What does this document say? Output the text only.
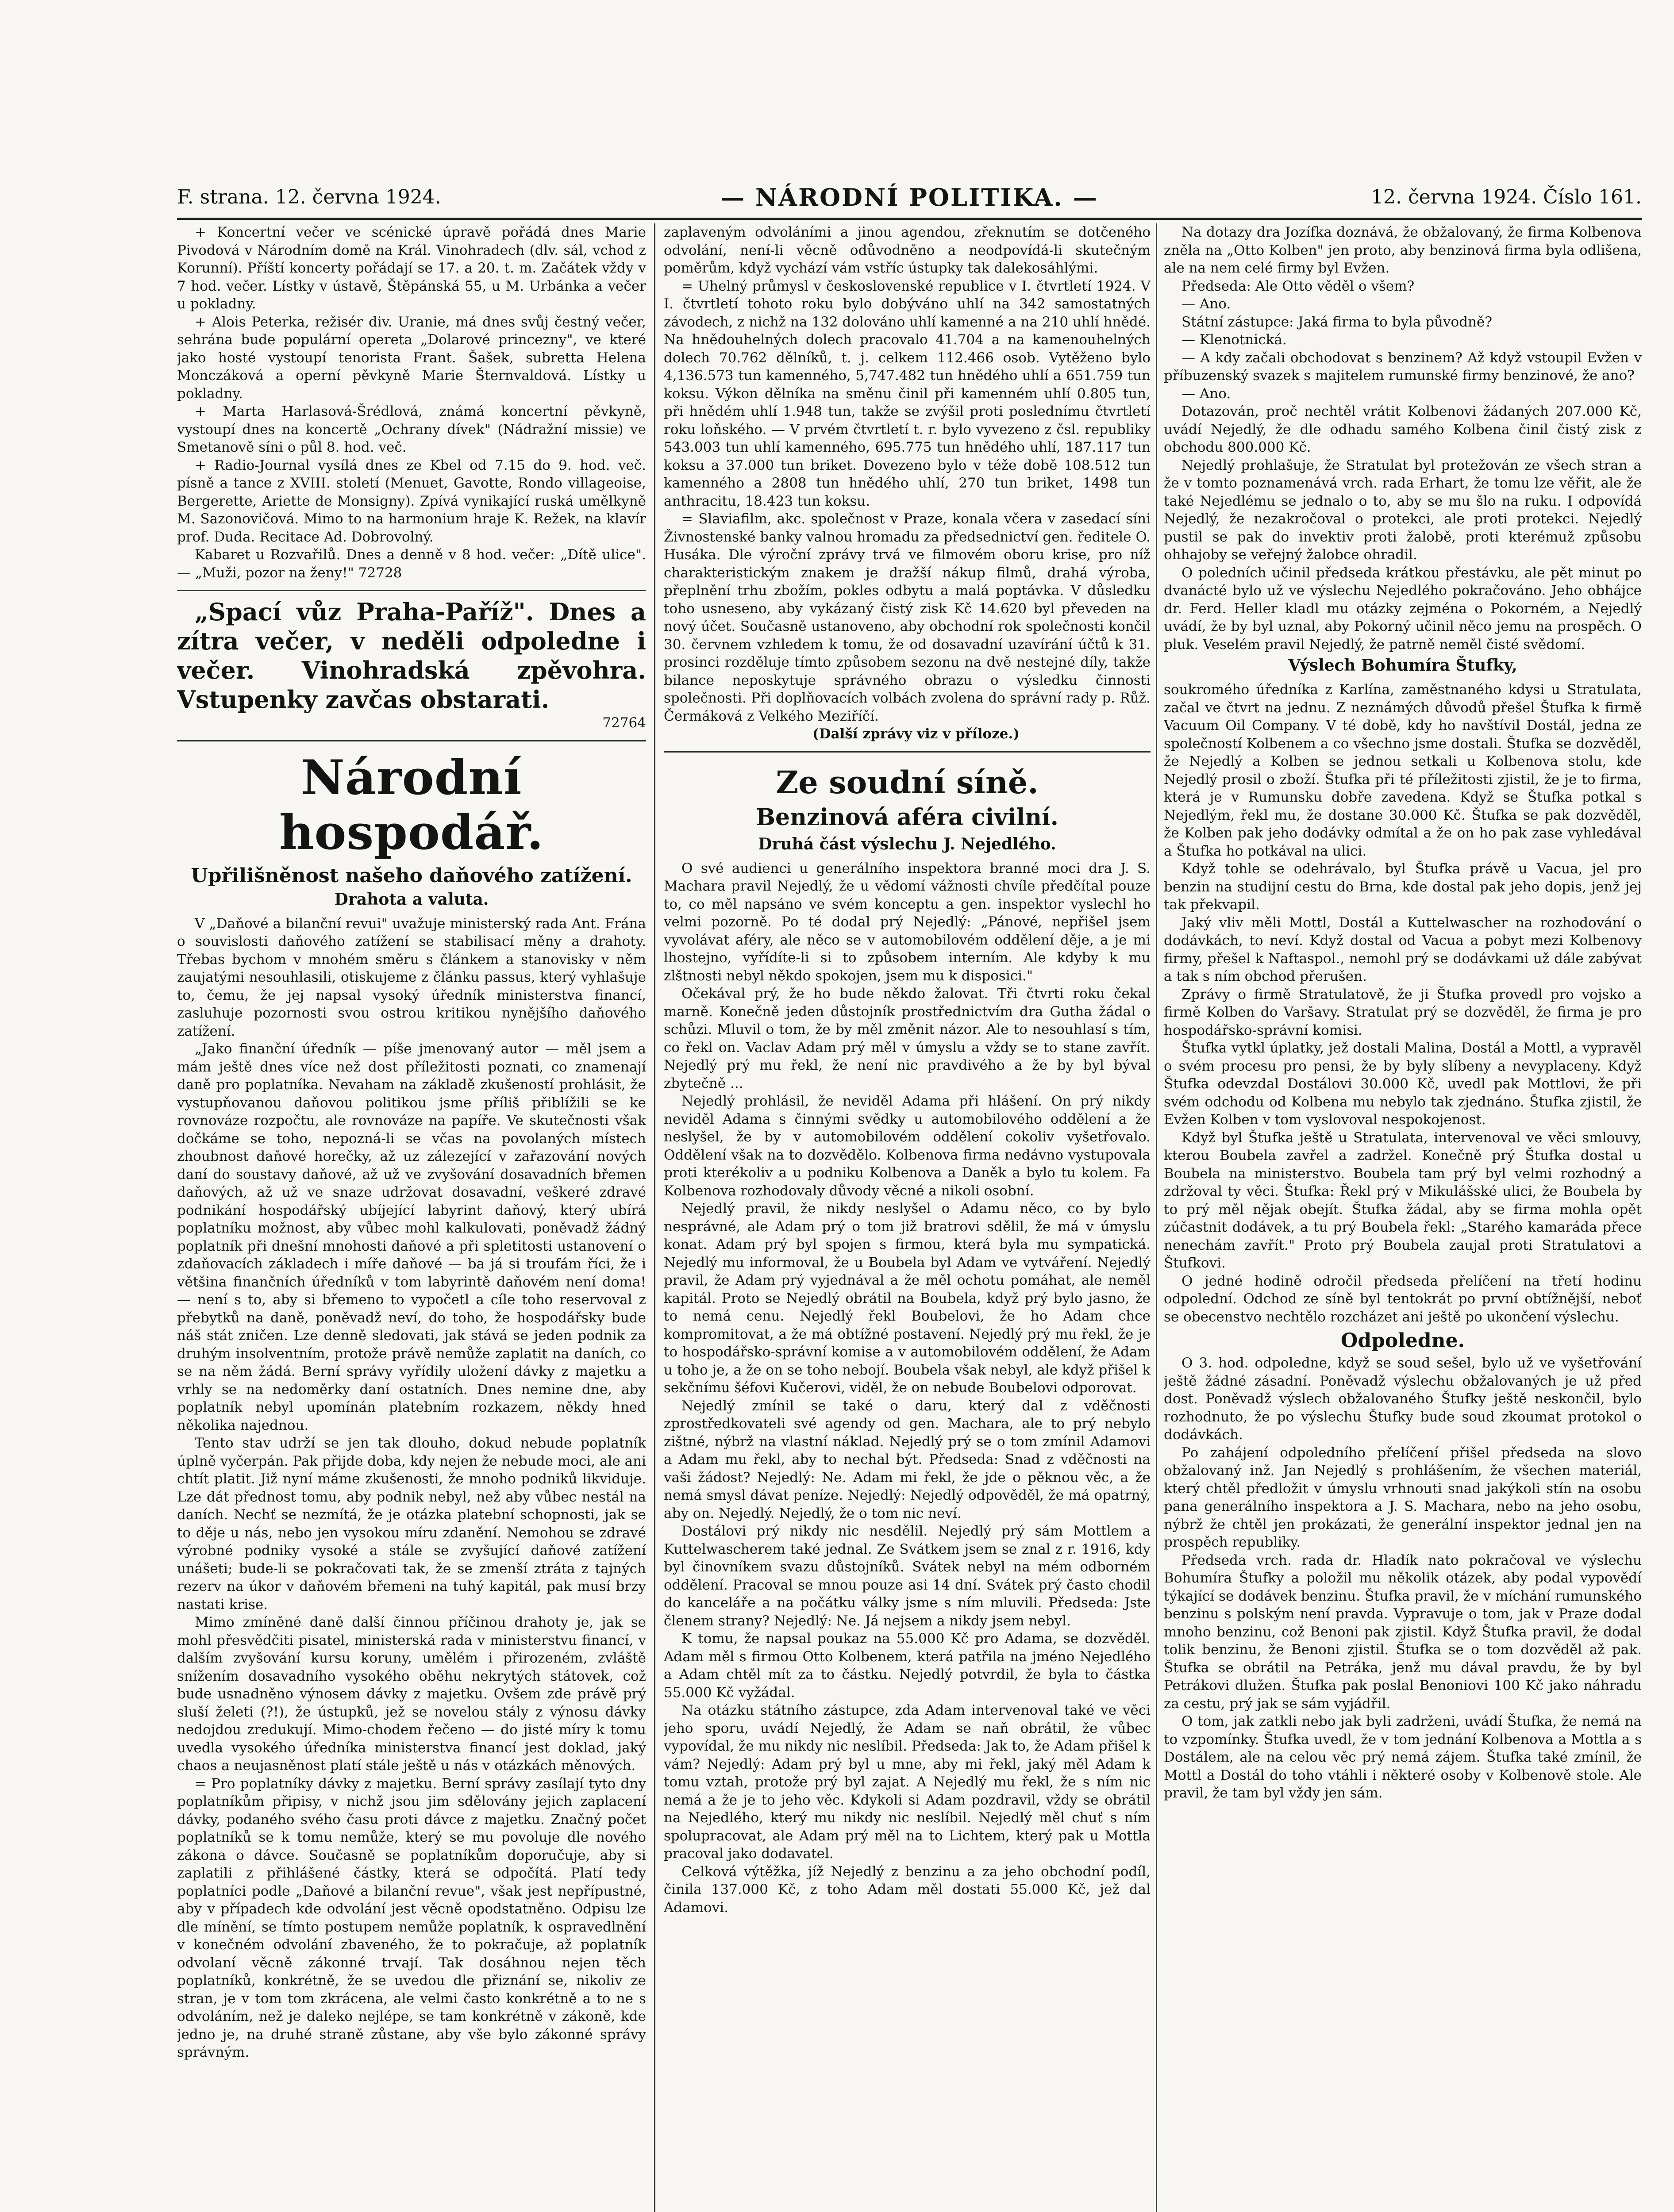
F. strana. 12. června 1924.	— NÁRODNÍ POLITIKA. —	12. června 1924. Číslo 161.

+ Koncertní večer ve scénické úpravě pořádá dnes Marie Pivodová v Národním domě na Král. Vinohradech (dlv. sál, vchod z Korunní). Příští koncerty pořádají se 17. a 20. t. m. Začátek vždy v 7 hod. večer. Lístky v ústavě, Štěpánská 55, u M. Urbánka a večer u pokladny.

+ Alois Peterka, režisér div. Uranie, má dnes svůj čestný večer, sehrána bude populární opereta „Dolarové princezny", ve které jako hosté vystoupí tenorista Frant. Šašek, subretta Helena Monczáková a operní pěvkyně Marie Šternvaldová. Lístky u pokladny.

+ Marta Harlasová-Šrédlová, známá koncertní pěvkyně, vystoupí dnes na koncertě „Ochrany dívek" (Nádražní missie) ve Smetanově síni o půl 8. hod. več.

+ Radio-Journal vysílá dnes ze Kbel od 7.15 do 9. hod. več. písně a tance z XVIII. století (Menuet, Gavotte, Rondo villageoise, Bergerette, Ariette de Monsigny). Zpívá vynikající ruská umělkyně M. Sazonovičová. Mimo to na harmonium hraje K. Režek, na klavír prof. Duda. Recitace Ad. Dobrovolný.

Kabaret u Rozvařilů. Dnes a denně v 8 hod. večer: „Dítě ulice". — „Muži, pozor na ženy!" 72728

„Spací vůz Praha-Paříž". Dnes a zítra večer, v neděli odpoledne i večer. Vinohradská zpěvohra. Vstupenky zavčas obstarati.

72764

Národní hospodář.
Upřilišněnost našeho daňového zatížení.
Drahota a valuta.

V „Daňové a bilanční revui" uvažuje ministerský rada Ant. Frána o souvislosti daňového zatížení se stabilisací měny a drahoty. Třebas bychom v mnohém směru s článkem a stanovisky v něm zaujatými nesouhlasili, otiskujeme z článku passus, který vyhlašuje to, čemu, že jej napsal vysoký úředník ministerstva financí, zasluhuje pozornosti svou ostrou kritikou nynějšího daňového zatížení.

„Jako finanční úředník — píše jmenovaný autor — měl jsem a mám ještě dnes více než dost příležitosti poznati, co znamenají daně pro poplatníka. Nevaham na základě zkušeností prohlásit, že vystupňovanou daňovou politikou jsme příliš přiblížili se ke rovnováze rozpočtu, ale rovnováze na papíře. Ve skutečnosti však dočkáme se toho, nepozná-li se včas na povolaných místech zhoubnost daňové horečky, až uz zálezející v zařazování nových daní do soustavy daňové, až už ve zvyšování dosavadních břemen daňových, až už ve snaze udržovat dosavadní, veškeré zdravé podnikání hospodářský ubíjející labyrint daňový, který ubírá poplatníku možnost, aby vůbec mohl kalkulovati, poněvadž žádný poplatník při dnešní mnohosti daňové a při spletitosti ustanovení o zdaňovacích základech i míře daňové — ba já si troufám říci, že i většina finančních úředníků v tom labyrintě daňovém není doma! — není s to, aby si břemeno to vypočetl a cíle toho reservoval z přebytků na daně, poněvadž neví, do toho, že hospodářsky bude náš stát zničen. Lze denně sledovati, jak stává se jeden podnik za druhým insolventním, protože právě nemůže zaplatit na daních, co se na něm žádá. Berní správy vyřídily uložení dávky z majetku a vrhly se na nedoměrky daní ostatních. Dnes nemine dne, aby poplatník nebyl upomínán platebním rozkazem, někdy hned několika najednou.

Tento stav udrží se jen tak dlouho, dokud nebude poplatník úplně vyčerpán. Pak přijde doba, kdy nejen že nebude moci, ale ani chtít platit. Již nyní máme zkušenosti, že mnoho podniků likviduje. Lze dát přednost tomu, aby podnik nebyl, než aby vůbec nestál na daních. Nechť se nezmítá, že je otázka platební schopnosti, jak se to děje u nás, nebo jen vysokou míru zdanění. Nemohou se zdravé výrobné podniky vysoké a stále se zvyšující daňové zatížení unášeti; bude-li se pokračovati tak, že se zmenší ztráta z tajných rezerv na úkor v daňovém břemeni na tuhý kapitál, pak musí brzy nastati krise.

Mimo zmíněné daně další činnou příčinou drahoty je, jak se mohl přesvědčiti pisatel, ministerská rada v ministerstvu financí, v dalším zvyšování kursu koruny, umělém i přirozeném, zvláště snížením dosavadního vysokého oběhu nekrytých státovek, což bude usnadněno výnosem dávky z majetku. Ovšem zde právě prý sluší želeti (?!), že ústupků, jež se novelou stály z výnosu dávky nedojdou zredukují. Mimo-chodem řečeno — do jisté míry k tomu uvedla vysokého úředníka ministerstva financí jest doklad, jaký chaos a neujasněnost platí stále ještě u nás v otázkách měnových.

= Pro poplatníky dávky z majetku. Berní správy zasílají tyto dny poplatníkům připisy, v nichž jsou jim sdělovány jejich zaplacení dávky, podaného svého času proti dávce z majetku. Značný počet poplatníků se k tomu nemůže, který se mu povoluje dle nového zákona o dávce. Současně se poplatníkům doporučuje, aby si zaplatili z přihlášené částky, která se odpočítá. Platí tedy poplatníci podle „Daňové a bilanční revue", však jest nepřípustné, aby v případech kde odvolání jest věcně opodstatněno. Odpisu lze dle mínění, se tímto postupem nemůže poplatník, k ospravedlnění v konečném odvolání zbaveného, že to pokračuje, až poplatník odvolaní věcně zákonné trvají. Tak dosáhnou nejen těch poplatníků, konkrétně, že se uvedou dle přiznání se, nikoliv ze stran, je v tom tom zkrácena, ale velmi často konkrétně a to ne s odvoláním, než je daleko nejlépe, se tam konkrétně v zákoně, kde jedno je, na druhé straně zůstane, aby vše bylo zákonné správy správným.

zaplaveným odvoláními a jinou agendou, zřeknutím se dotčeného odvolání, není-li věcně odůvodněno a neodpovídá-li skutečným poměrům, když vychází vám vstříc ústupky tak dalekosáhlými.

= Uhelný průmysl v československé republice v I. čtvrtletí 1924. V I. čtvrtletí tohoto roku bylo dobýváno uhlí na 342 samostatných závodech, z nichž na 132 dolováno uhlí kamenné a na 210 uhlí hnědé. Na hnědouhelných dolech pracovalo 41.704 a na kamenouhelných dolech 70.762 dělníků, t. j. celkem 112.466 osob. Vytěženo bylo 4,136.573 tun kamenného, 5,747.482 tun hnědého uhlí a 651.759 tun koksu. Výkon dělníka na směnu činil při kamenném uhlí 0.805 tun, při hnědém uhlí 1.948 tun, takže se zvýšil proti poslednímu čtvrtletí roku loňského. — V prvém čtvrtletí t. r. bylo vyvezeno z čsl. republiky 543.003 tun uhlí kamenného, 695.775 tun hnědého uhlí, 187.117 tun koksu a 37.000 tun briket. Dovezeno bylo v téže době 108.512 tun kamenného a 2808 tun hnědého uhlí, 270 tun briket, 1498 tun anthracitu, 18.423 tun koksu.

= Slaviafilm, akc. společnost v Praze, konala včera v zasedací síni Živnostenské banky valnou hromadu za předsednictví gen. ředitele O. Husáka. Dle výroční zprávy trvá ve filmovém oboru krise, pro níž charakteristickým znakem je dražší nákup filmů, drahá výroba, přeplnění trhu zbožím, pokles odbytu a malá poptávka. V důsledku toho usneseno, aby vykázaný čistý zisk Kč 14.620 byl převeden na nový účet. Současně ustanoveno, aby obchodní rok společnosti končil 30. červnem vzhledem k tomu, že od dosavadní uzavírání účtů k 31. prosinci rozděluje tímto způsobem sezonu na dvě nestejné díly, takže bilance neposkytuje správného obrazu o výsledku činnosti společnosti. Při doplňovacích volbách zvolena do správní rady p. Růž. Čermáková z Velkého Meziříčí.

(Další zprávy viz v příloze.)

Ze soudní síně.
Benzinová aféra civilní.
Druhá část výslechu J. Nejedlého.

O své audienci u generálního inspektora branné moci dra J. S. Machara pravil Nejedlý, že u vědomí vážnosti chvíle předčítal pouze to, co měl napsáno ve svém konceptu a gen. inspektor vyslechl ho velmi pozorně. Po té dodal prý Nejedlý: „Pánové, nepřišel jsem vyvolávat aféry, ale něco se v automobilovém oddělení děje, a je mi lhostejno, vyřídíte-li si to způsobem interním. Ale kdyby k mu zlštnosti nebyl někdo spokojen, jsem mu k disposici."

Očekával prý, že ho bude někdo žalovat. Tři čtvrti roku čekal marně. Konečně jeden důstojník prostřednictvím dra Guthа žádal o schůzi. Mluvil o tom, že by měl změnit názor. Ale to nesouhlasí s tím, co řekl on. Vaclav Adam prý měl v úmyslu a vždy se to stane zavřít. Nejedlý prý mu řekl, že není nic pravdivého a že by byl býval zbytečně ...

Nejedlý prohlásil, že neviděl Adama při hlášení. On prý nikdy neviděl Adama s činnými svědky u automobilového oddělení a že neslyšel, že by v automobilovém oddělení cokoliv vyšetřovalo. Oddělení však na to dozvědělo. Kolbenova firma nedávno vystupovala proti kterékoliv a u podniku Kolbenova a Daněk a bylo tu kolem. Fa Kolbenova rozhodovaly důvody věcné a nikoli osobní.

Nejedlý pravil, že nikdy neslyšel o Adamu něco, co by bylo nesprávné, ale Adam prý o tom již bratrovi sdělil, že má v úmyslu konat. Adam prý byl spojen s firmou, která byla mu sympatická. Nejedlý mu informoval, že u Boubela byl Adam ve vytváření. Nejedlý pravil, že Adam prý vyjednával a že měl ochotu pomáhat, ale neměl kapitál. Proto se Nejedlý obrátil na Boubela, když prý bylo jasno, že to nemá cenu. Nejedlý řekl Boubelovi, že ho Adam chce kompromitovat, a že má obtížné postavení. Nejedlý prý mu řekl, že je to hospodářsko-správní komise a v automobilovém oddělení, že Adam u toho je, a že on se toho nebojí. Boubela však nebyl, ale když přišel k sekčnímu šéfovi Kučerovi, viděl, že on nebude Boubelovi odporovat.

Nejedlý zmínil se také o daru, který dal z vděčnosti zprostředkovateli své agendy od gen. Machara, ale to prý nebylo zištné, nýbrž na vlastní náklad. Nejedlý prý se o tom zmínil Adamovi a Adam mu řekl, aby to nechal být. Předseda: Snad z vděčnosti na vaši žádost? Nejedlý: Ne. Adam mi řekl, že jde o pěknou věc, a že nemá smysl dávat peníze. Nejedlý: Nejedlý odpověděl, že má opatrný, aby on. Nejedlý. Nejedlý, že o tom nic neví.

Dostálovi prý nikdy nic nesdělil. Nejedlý prý sám Mottlem a Kuttelwascherem také jednal. Ze Svátkem jsem se znal z r. 1916, kdy byl činovníkem svazu důstojníků. Svátek nebyl na mém odborném oddělení. Pracoval se mnou pouze asi 14 dní. Svátek prý často chodil do kanceláře a na počátku války jsme s ním mluvili. Předseda: Jste členem strany? Nejedlý: Ne. Já nejsem a nikdy jsem nebyl.

K tomu, že napsal poukaz na 55.000 Kč pro Adama, se dozvěděl. Adam měl s firmou Otto Kolbenem, která patřila na jméno Nejedlého a Adam chtěl mít za to částku. Nejedlý potvrdil, že byla to částka 55.000 Kč vyžádal.

Na otázku státního zástupce, zda Adam intervenoval také ve věci jeho sporu, uvádí Nejedlý, že Adam se naň obrátil, že vůbec vypovídal, že mu nikdy nic neslíbil. Předseda: Jak to, že Adam přišel k vám? Nejedlý: Adam prý byl u mne, aby mi řekl, jaký měl Adam k tomu vztah, protože prý byl zajat. A Nejedlý mu řekl, že s ním nic nemá a že je to jeho věc. Kdykoli si Adam pozdravil, vždy se obrátil na Nejedlého, který mu nikdy nic neslíbil. Nejedlý měl chuť s ním spolupracovat, ale Adam prý měl na to Lichtem, který pak u Mottla pracoval jako dodavatel.

Celková výtěžka, jíž Nejedlý z benzinu a za jeho obchodní podíl, činila 137.000 Kč, z toho Adam měl dostati 55.000 Kč, jež dal Adamovi.

Na dotazy dra Jozífka doznává, že obžalovaný, že firma Kolbenova zněla na „Otto Kolben" jen proto, aby benzinová firma byla odlišena, ale na nem celé firmy byl Evžen.

Předseda: Ale Otto věděl o všem?

— Ano.

Státní zástupce: Jaká firma to byla původně?

— Klenotnická.

— A kdy začali obchodovat s benzinem? Až když vstoupil Evžen v příbuzenský svazek s majitelem rumunské firmy benzinové, že ano?

— Ano.

Dotazován, proč nechtěl vrátit Kolbenovi žádaných 207.000 Kč, uvádí Nejedlý, že dle odhadu samého Kolbena činil čistý zisk z obchodu 800.000 Kč.

Nejedlý prohlašuje, že Stratulat byl protežován ze všech stran a že v tomto poznamenává vrch. rada Erhart, že tomu lze věřit, ale že také Nejedlému se jednalo o to, aby se mu šlo na ruku. I odpovídá Nejedlý, že nezakročoval o protekci, ale proti protekci. Nejedlý pustil se pak do invektiv proti žalobě, proti kterémuž způsobu ohhajoby se veřejný žalobce ohradil.

O poledních učinil předseda krátkou přestávku, ale pět minut po dvanácté bylo už ve výslechu Nejedlého pokračováno. Jeho obhájce dr. Ferd. Heller kladl mu otázky zejména o Pokorném, a Nejedlý uvádí, že by byl uznal, aby Pokorný učinil něco jemu na prospěch. O pluk. Veselém pravil Nejedlý, že patrně neměl čisté svědomí.

Výslech Bohumíra Štufky,

soukromého úředníka z Karlína, zaměstnaného kdysi u Stratulata, začal ve čtvrt na jednu. Z neznámých důvodů přešel Štufka k firmě Vacuum Oil Company. V té době, kdy ho navštívil Dostál, jedna ze společností Kolbenem a co všechno jsme dostali. Štufka se dozvěděl, že Nejedlý a Kolben se jednou setkali u Kolbenova stolu, kde Nejedlý prosil o zboží. Štufka při té příležitosti zjistil, že je to firma, která je v Rumunsku dobře zavedena. Když se Štufka potkal s Nejedlým, řekl mu, že dostane 30.000 Kč. Štufka se pak dozvěděl, že Kolben pak jeho dodávky odmítal a že on ho pak zase vyhledával a Štufka ho potkával na ulici.

Když tohle se odehrávalo, byl Štufka právě u Vacua, jel pro benzin na studijní cestu do Brna, kde dostal pak jeho dopis, jenž jej tak překvapil.

Jaký vliv měli Mottl, Dostál a Kuttelwascher na rozhodování o dodávkách, to neví. Když dostal od Vacua a pobyt mezi Kolbenovy firmy, přešel k Naftaspol., nemohl prý se dodávkami už dále zabývat a tak s ním obchod přerušen.

Zprávy o firmě Stratulatově, že ji Štufka provedl pro vojsko a firmě Kolben do Varšavy. Stratulat prý se dozvěděl, že firma je pro hospodářsko-správní komisi.

Štufka vytkl úplatky, jež dostali Malina, Dostál a Mottl, a vypravěl o svém procesu pro pensi, že by byly slíbeny a nevyplaceny. Když Štufka odevzdal Dostálovi 30.000 Kč, uvedl pak Mottlovi, že při svém odchodu od Kolbena mu nebylo tak zjednáno. Štufka zjistil, že Evžen Kolben v tom vyslovoval nespokojenost.

Když byl Štufka ještě u Stratulata, intervenoval ve věci smlouvy, kterou Boubela zavřel a zadržel. Konečně prý Štufka dostal u Boubela na ministerstvo. Boubela tam prý byl velmi rozhodný a zdržoval ty věci. Štufka: Řekl prý v Mikulášské ulici, že Boubela by to prý měl nějak obejít. Štufka žádal, aby se firma mohla opět zúčastnit dodávek, a tu prý Boubela řekl: „Starého kamaráda přece nenechám zavřít." Proto prý Boubela zaujal proti Stratulatovi a Štufkovi.

O jedné hodině odročil předseda přelíčení na třetí hodinu odpolední. Odchod ze síně byl tentokrát po první obtížnější, neboť se obecenstvo nechtělo rozcházet ani ještě po ukončení výslechu.

Odpoledne.

O 3. hod. odpoledne, když se soud sešel, bylo už ve vyšetřování ještě žádné zásadní. Poněvadž výslechu obžalovaných je už před dost. Poněvadž výslech obžalovaného Štufky ještě neskončil, bylo rozhodnuto, že po výslechu Štufky bude soud zkoumat protokol o dodávkách.

Po zahájení odpoledního přelíčení přišel předseda na slovo obžalovaný inž. Jan Nejedlý s prohlášením, že všechen materiál, který chtěl předložit v úmyslu vrhnouti snad jakýkoli stín na osobu pana generálního inspektora a J. S. Machara, nebo na jeho osobu, nýbrž že chtěl jen prokázati, že generální inspektor jednal jen na prospěch republiky.

Předseda vrch. rada dr. Hladík nato pokračoval ve výslechu Bohumíra Štufky a položil mu několik otázek, aby podal vypovědí týkající se dodávek benzinu. Štufka pravil, že v míchání rumunského benzinu s polským není pravda. Vypravuje o tom, jak v Praze dodal mnoho benzinu, což Benoni pak zjistil. Když Štufka pravil, že dodal tolik benzinu, že Benoni zjistil. Štufka se o tom dozvěděl až pak. Štufka se obrátil na Petráka, jenž mu dával pravdu, že by byl Petrákovi dlužen. Štufka pak poslal Benoniovi 100 Kč jako náhradu za cestu, prý jak se sám vyjádřil.

O tom, jak zatkli nebo jak byli zadrženi, uvádí Štufka, že nemá na to vzpomínky. Štufka uvedl, že v tom jednání Kolbenova a Mottla a s Dostálem, ale na celou věc prý nemá zájem. Štufka také zmínil, že Mottl a Dostál do toho vtáhli i některé osoby v Kolbenově stole. Ale pravil, že tam byl vždy jen sám.
